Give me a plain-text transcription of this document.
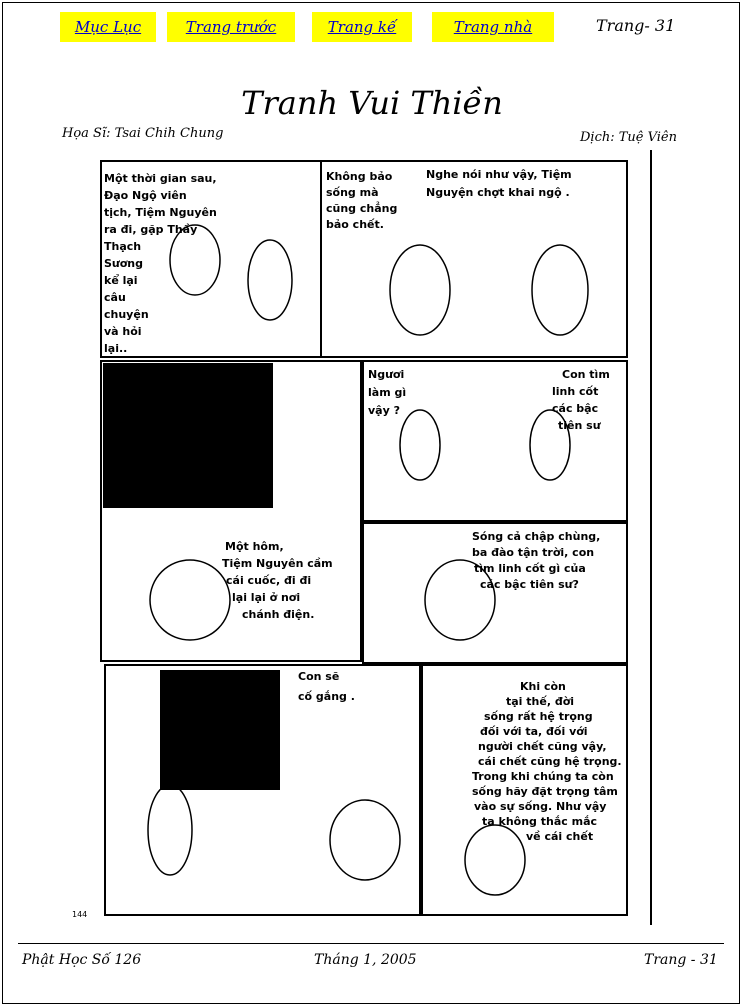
Mục Lục	Trang trước	Trang kế	Trang nhà	Trang- 31
Tranh Vui Thiền
Họa Sĩ: Tsai Chih Chung	Dịch: Tuệ Viên
Một thời gian sau, Đạo Ngộ viên tịch, Tiệm Nguyên ra đi, gặp Thầy Thạch Sương kể lại câu chuyện và hỏi lại..
Không bảo sống mà cũng chẳng bảo chết.
Nghe nói như vậy, Tiệm Nguyện chợt khai ngộ .
Ngươi làm gì vậy ?
Con tìm linh cốt các bậc tiên sư
Một hôm, Tiệm Nguyên cầm cái cuốc, đi đi lại lại ở nơi chánh điện.
Sóng cả chập chùng, ba đào tận trời, con tìm linh cốt gì của các bậc tiên sư?
Con sẽ cố gắng .
Khi còn tại thế, đời sống rất hệ trọng đối với ta, đối với người chết cũng vậy, cái chết cũng hệ trọng. Trong khi chúng ta còn sống hãy đặt trọng tâm vào sự sống. Như vậy ta không thắc mắc về cái chết
144
Phật Học Số 126	Tháng 1, 2005	Trang - 31
